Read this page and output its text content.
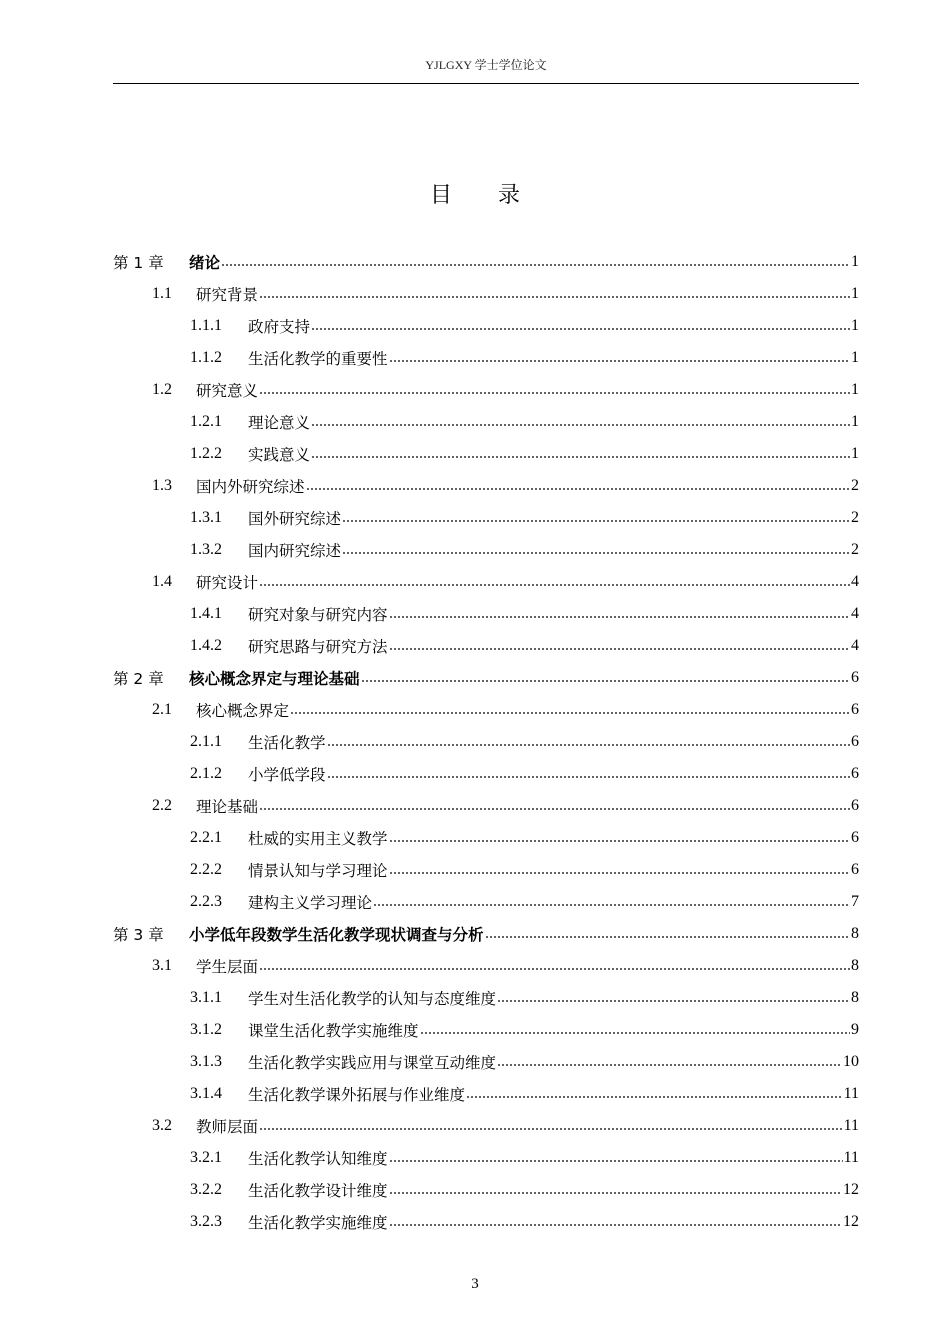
YJLGXY 学士学位论文
目录
第 1 章	绪论	1
1.1	研究背景	1
1.1.1	政府支持	1
1.1.2	生活化教学的重要性	1
1.2	研究意义	1
1.2.1	理论意义	1
1.2.2	实践意义	1
1.3	国内外研究综述	2
1.3.1	国外研究综述	2
1.3.2	国内研究综述	2
1.4	研究设计	4
1.4.1	研究对象与研究内容	4
1.4.2	研究思路与研究方法	4
第 2 章	核心概念界定与理论基础	6
2.1	核心概念界定	6
2.1.1	生活化教学	6
2.1.2	小学低学段	6
2.2	理论基础	6
2.2.1	杜威的实用主义教学	6
2.2.2	情景认知与学习理论	6
2.2.3	建构主义学习理论	7
第 3 章	小学低年段数学生活化教学现状调查与分析	8
3.1	学生层面	8
3.1.1	学生对生活化教学的认知与态度维度	8
3.1.2	课堂生活化教学实施维度	9
3.1.3	生活化教学实践应用与课堂互动维度	10
3.1.4	生活化教学课外拓展与作业维度	11
3.2	教师层面	11
3.2.1	生活化教学认知维度	11
3.2.2	生活化教学设计维度	12
3.2.3	生活化教学实施维度	12
3
